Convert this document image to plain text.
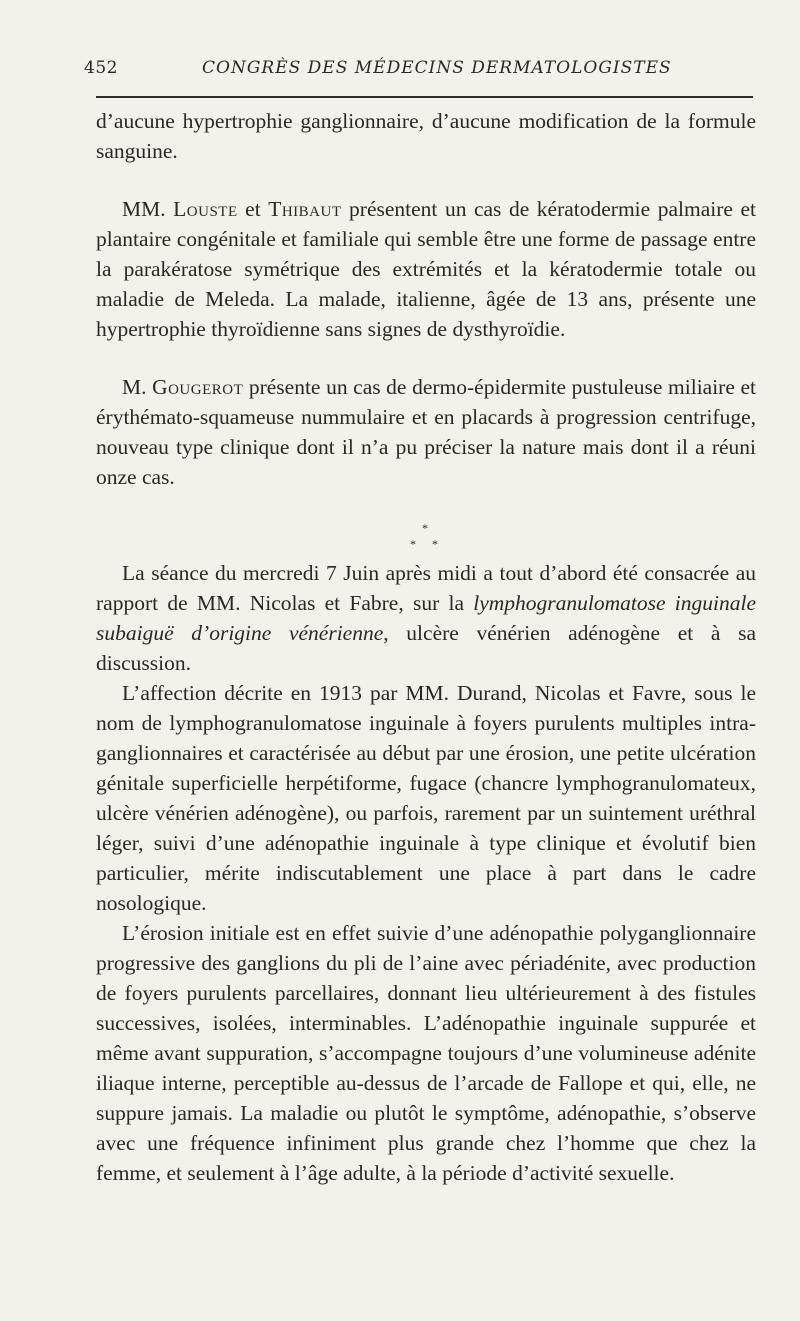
452	CONGRÈS DES MÉDECINS DERMATOLOGISTES

d’aucune hypertrophie ganglionnaire, d’aucune modification de la formule sanguine.

MM. Louste et Thibaut présentent un cas de kératodermie palmaire et plantaire congénitale et familiale qui semble être une forme de passage entre la parakératose symétrique des extrémités et la kératodermie totale ou maladie de Meleda. La malade, italienne, âgée de 13 ans, présente une hypertrophie thyroïdienne sans signes de dysthyroïdie.

M. Gougerot présente un cas de dermo-épidermite pustuleuse miliaire et érythémato-squameuse nummulaire et en placards à progression centrifuge, nouveau type clinique dont il n’a pu préciser la nature mais dont il a réuni onze cas.

*
* *

La séance du mercredi 7 Juin après midi a tout d’abord été consacrée au rapport de MM. Nicolas et Fabre, sur la lymphogranulomatose inguinale subaiguë d’origine vénérienne, ulcère vénérien adénogène et à sa discussion.

L’affection décrite en 1913 par MM. Durand, Nicolas et Favre, sous le nom de lymphogranulomatose inguinale à foyers purulents multiples intra-ganglionnaires et caractérisée au début par une érosion, une petite ulcération génitale superficielle herpétiforme, fugace (chancre lymphogranulomateux, ulcère vénérien adénogène), ou parfois, rarement par un suintement uréthral léger, suivi d’une adénopathie inguinale à type clinique et évolutif bien particulier, mérite indiscutablement une place à part dans le cadre nosologique.

L’érosion initiale est en effet suivie d’une adénopathie polyganglionnaire progressive des ganglions du pli de l’aine avec périadénite, avec production de foyers purulents parcellaires, donnant lieu ultérieurement à des fistules successives, isolées, interminables. L’adénopathie inguinale suppurée et même avant suppuration, s’accompagne toujours d’une volumineuse adénite iliaque interne, perceptible au-dessus de l’arcade de Fallope et qui, elle, ne suppure jamais. La maladie ou plutôt le symptôme, adénopathie, s’observe avec une fréquence infiniment plus grande chez l’homme que chez la femme, et seulement à l’âge adulte, à la période d’activité sexuelle.
